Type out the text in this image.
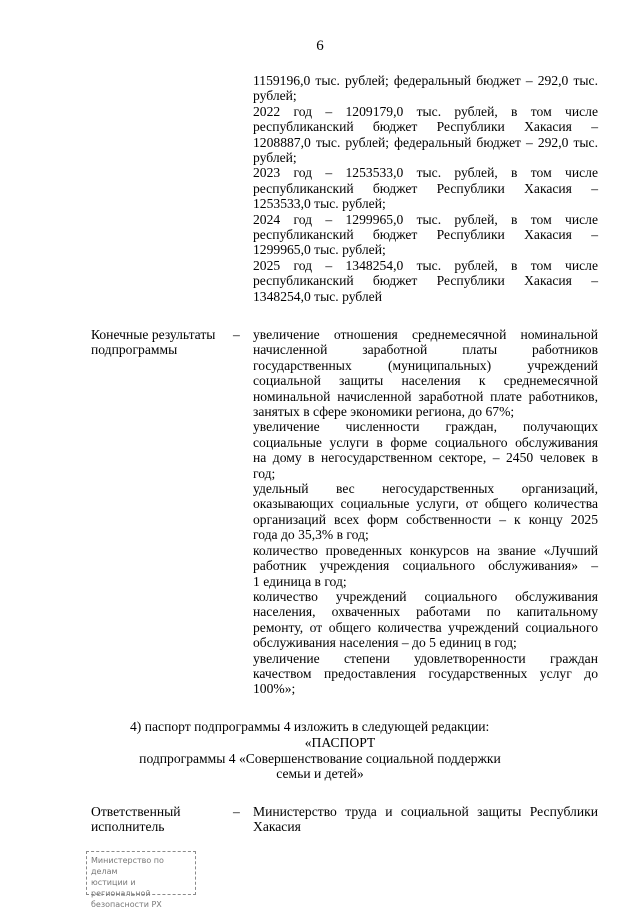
6
1159196,0 тыс. рублей; федеральный бюджет – 292,0 тыс.
рублей;
2022 год – 1209179,0 тыс. рублей, в том числе
республиканский бюджет Республики Хакасия –
1208887,0 тыс. рублей; федеральный бюджет – 292,0 тыс.
рублей;
2023 год – 1253533,0 тыс. рублей, в том числе
республиканский бюджет Республики Хакасия –
1253533,0 тыс. рублей;
2024 год – 1299965,0 тыс. рублей, в том числе
республиканский бюджет Республики Хакасия –
1299965,0 тыс. рублей;
2025 год – 1348254,0 тыс. рублей, в том числе
республиканский бюджет Республики Хакасия –
1348254,0 тыс. рублей
Конечные результаты
подпрограммы
– увеличение отношения среднемесячной номинальной
начисленной заработной платы работников
государственных (муниципальных) учреждений
социальной защиты населения к среднемесячной
номинальной начисленной заработной плате работников,
занятых в сфере экономики региона, до 67%;
увеличение численности граждан, получающих
социальные услуги в форме социального обслуживания
на дому в негосударственном секторе, – 2450 человек в
год;
удельный вес негосударственных организаций,
оказывающих социальные услуги, от общего количества
организаций всех форм собственности – к концу 2025
года до 35,3% в год;
количество проведенных конкурсов на звание «Лучший
работник учреждения социального обслуживания» –
1 единица в год;
количество учреждений социального обслуживания
населения, охваченных работами по капитальному
ремонту, от общего количества учреждений социального
обслуживания населения – до 5 единиц в год;
увеличение степени удовлетворенности граждан
качеством предоставления государственных услуг до
100%»;
4) паспорт подпрограммы 4 изложить в следующей редакции:
«ПАСПОРТ
подпрограммы 4 «Совершенствование социальной поддержки
семьи и детей»
Ответственный
исполнитель
– Министерство труда и социальной защиты Республики
Хакасия
Министерство по делам
юстиции и региональной
безопасности РХ
